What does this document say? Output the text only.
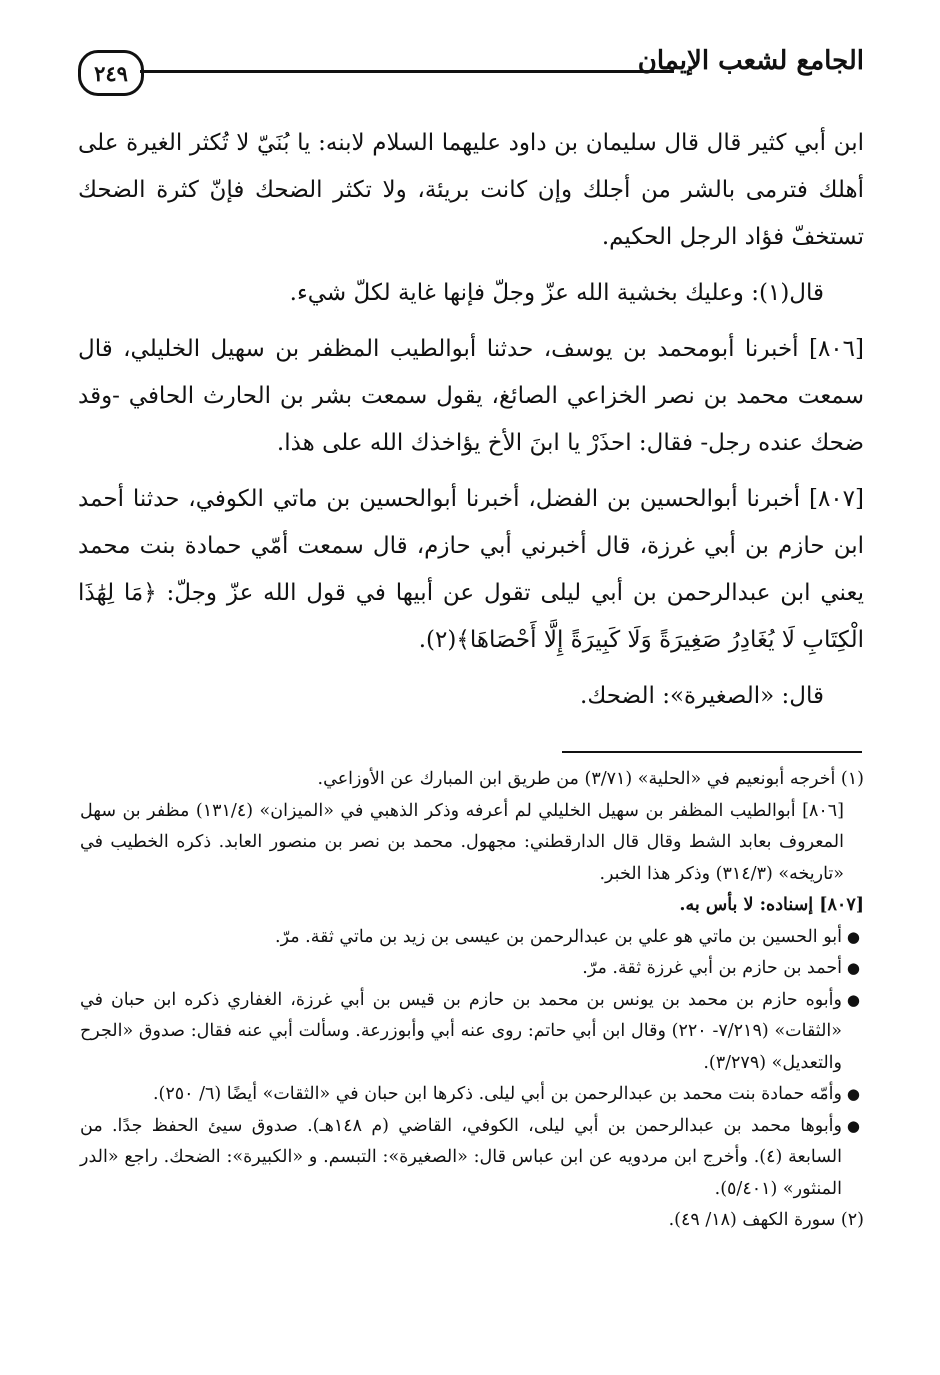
٢٤٩	الجامع لشعب الإيمان

ابن أبي كثير قال قال سليمان بن داود عليهما السلام لابنه: يا بُنَيّ لا تُكثر الغيرة على أهلك فترمى بالشر من أجلك وإن كانت بريئة، ولا تكثر الضحك فإنّ كثرة الضحك تستخفّ فؤاد الرجل الحكيم.

قال(١): وعليك بخشية الله عزّ وجلّ فإنها غاية لكلّ شيء.

[٨٠٦] أخبرنا أبومحمد بن يوسف، حدثنا أبوالطيب المظفر بن سهيل الخليلي، قال سمعت محمد بن نصر الخزاعي الصائغ، يقول سمعت بشر بن الحارث الحافي -وقد ضحك عنده رجل- فقال: احذَرْ يا ابنَ الأخ يؤاخذك الله على هذا.

[٨٠٧] أخبرنا أبوالحسين بن الفضل، أخبرنا أبوالحسين بن ماتي الكوفي، حدثنا أحمد ابن حازم بن أبي غرزة، قال أخبرني أبي حازم، قال سمعت أمّي حمادة بنت محمد يعني ابن عبدالرحمن بن أبي ليلى تقول عن أبيها في قول الله عزّ وجلّ: ﴿مَا لِهَٰذَا الْكِتَابِ لَا يُغَادِرُ صَغِيرَةً وَلَا كَبِيرَةً إِلَّا أَحْصَاهَا﴾(٢).

قال: «الصغيرة»: الضحك.

(١) أخرجه أبونعيم في «الحلية» (٣/٧١) من طريق ابن المبارك عن الأوزاعي.

[٨٠٦] أبوالطيب المظفر بن سهيل الخليلي لم أعرفه وذكر الذهبي في «الميزان» (١٣١/٤) مظفر بن سهل المعروف بعابد الشط وقال قال الدارقطني: مجهول. محمد بن نصر بن منصور العابد. ذكره الخطيب في «تاريخه» (٣١٤/٣) وذكر هذا الخبر.

[٨٠٧] إسناده: لا بأس به.

●
أبو الحسين بن ماتي هو علي بن عبدالرحمن بن عيسى بن زيد بن ماتي ثقة. مرّ.
●
أحمد بن حازم بن أبي غرزة ثقة. مرّ.
●
وأبوه حازم بن محمد بن يونس بن محمد بن حازم بن قيس بن أبي غرزة، الغفاري ذكره ابن حبان في «الثقات» (٧/٢١٩- ٢٢٠) وقال ابن أبي حاتم: روى عنه أبي وأبوزرعة. وسألت أبي عنه فقال: صدوق «الجرح والتعديل» (٣/٢٧٩).
●
وأمّه حمادة بنت محمد بن عبدالرحمن بن أبي ليلى. ذكرها ابن حبان في «الثقات» أيضًا (٦/ ٢٥٠).
●
وأبوها محمد بن عبدالرحمن بن أبي ليلى، الكوفي، القاضي (م ١٤٨هـ). صدوق سيئ الحفظ جدًا. من السابعة (٤). وأخرج ابن مردويه عن ابن عباس قال: «الصغيرة»: التبسم. و «الكبيرة»: الضحك. راجع «الدر المنثور» (٥/٤٠١).

(٢) سورة الكهف (١٨/ ٤٩).
